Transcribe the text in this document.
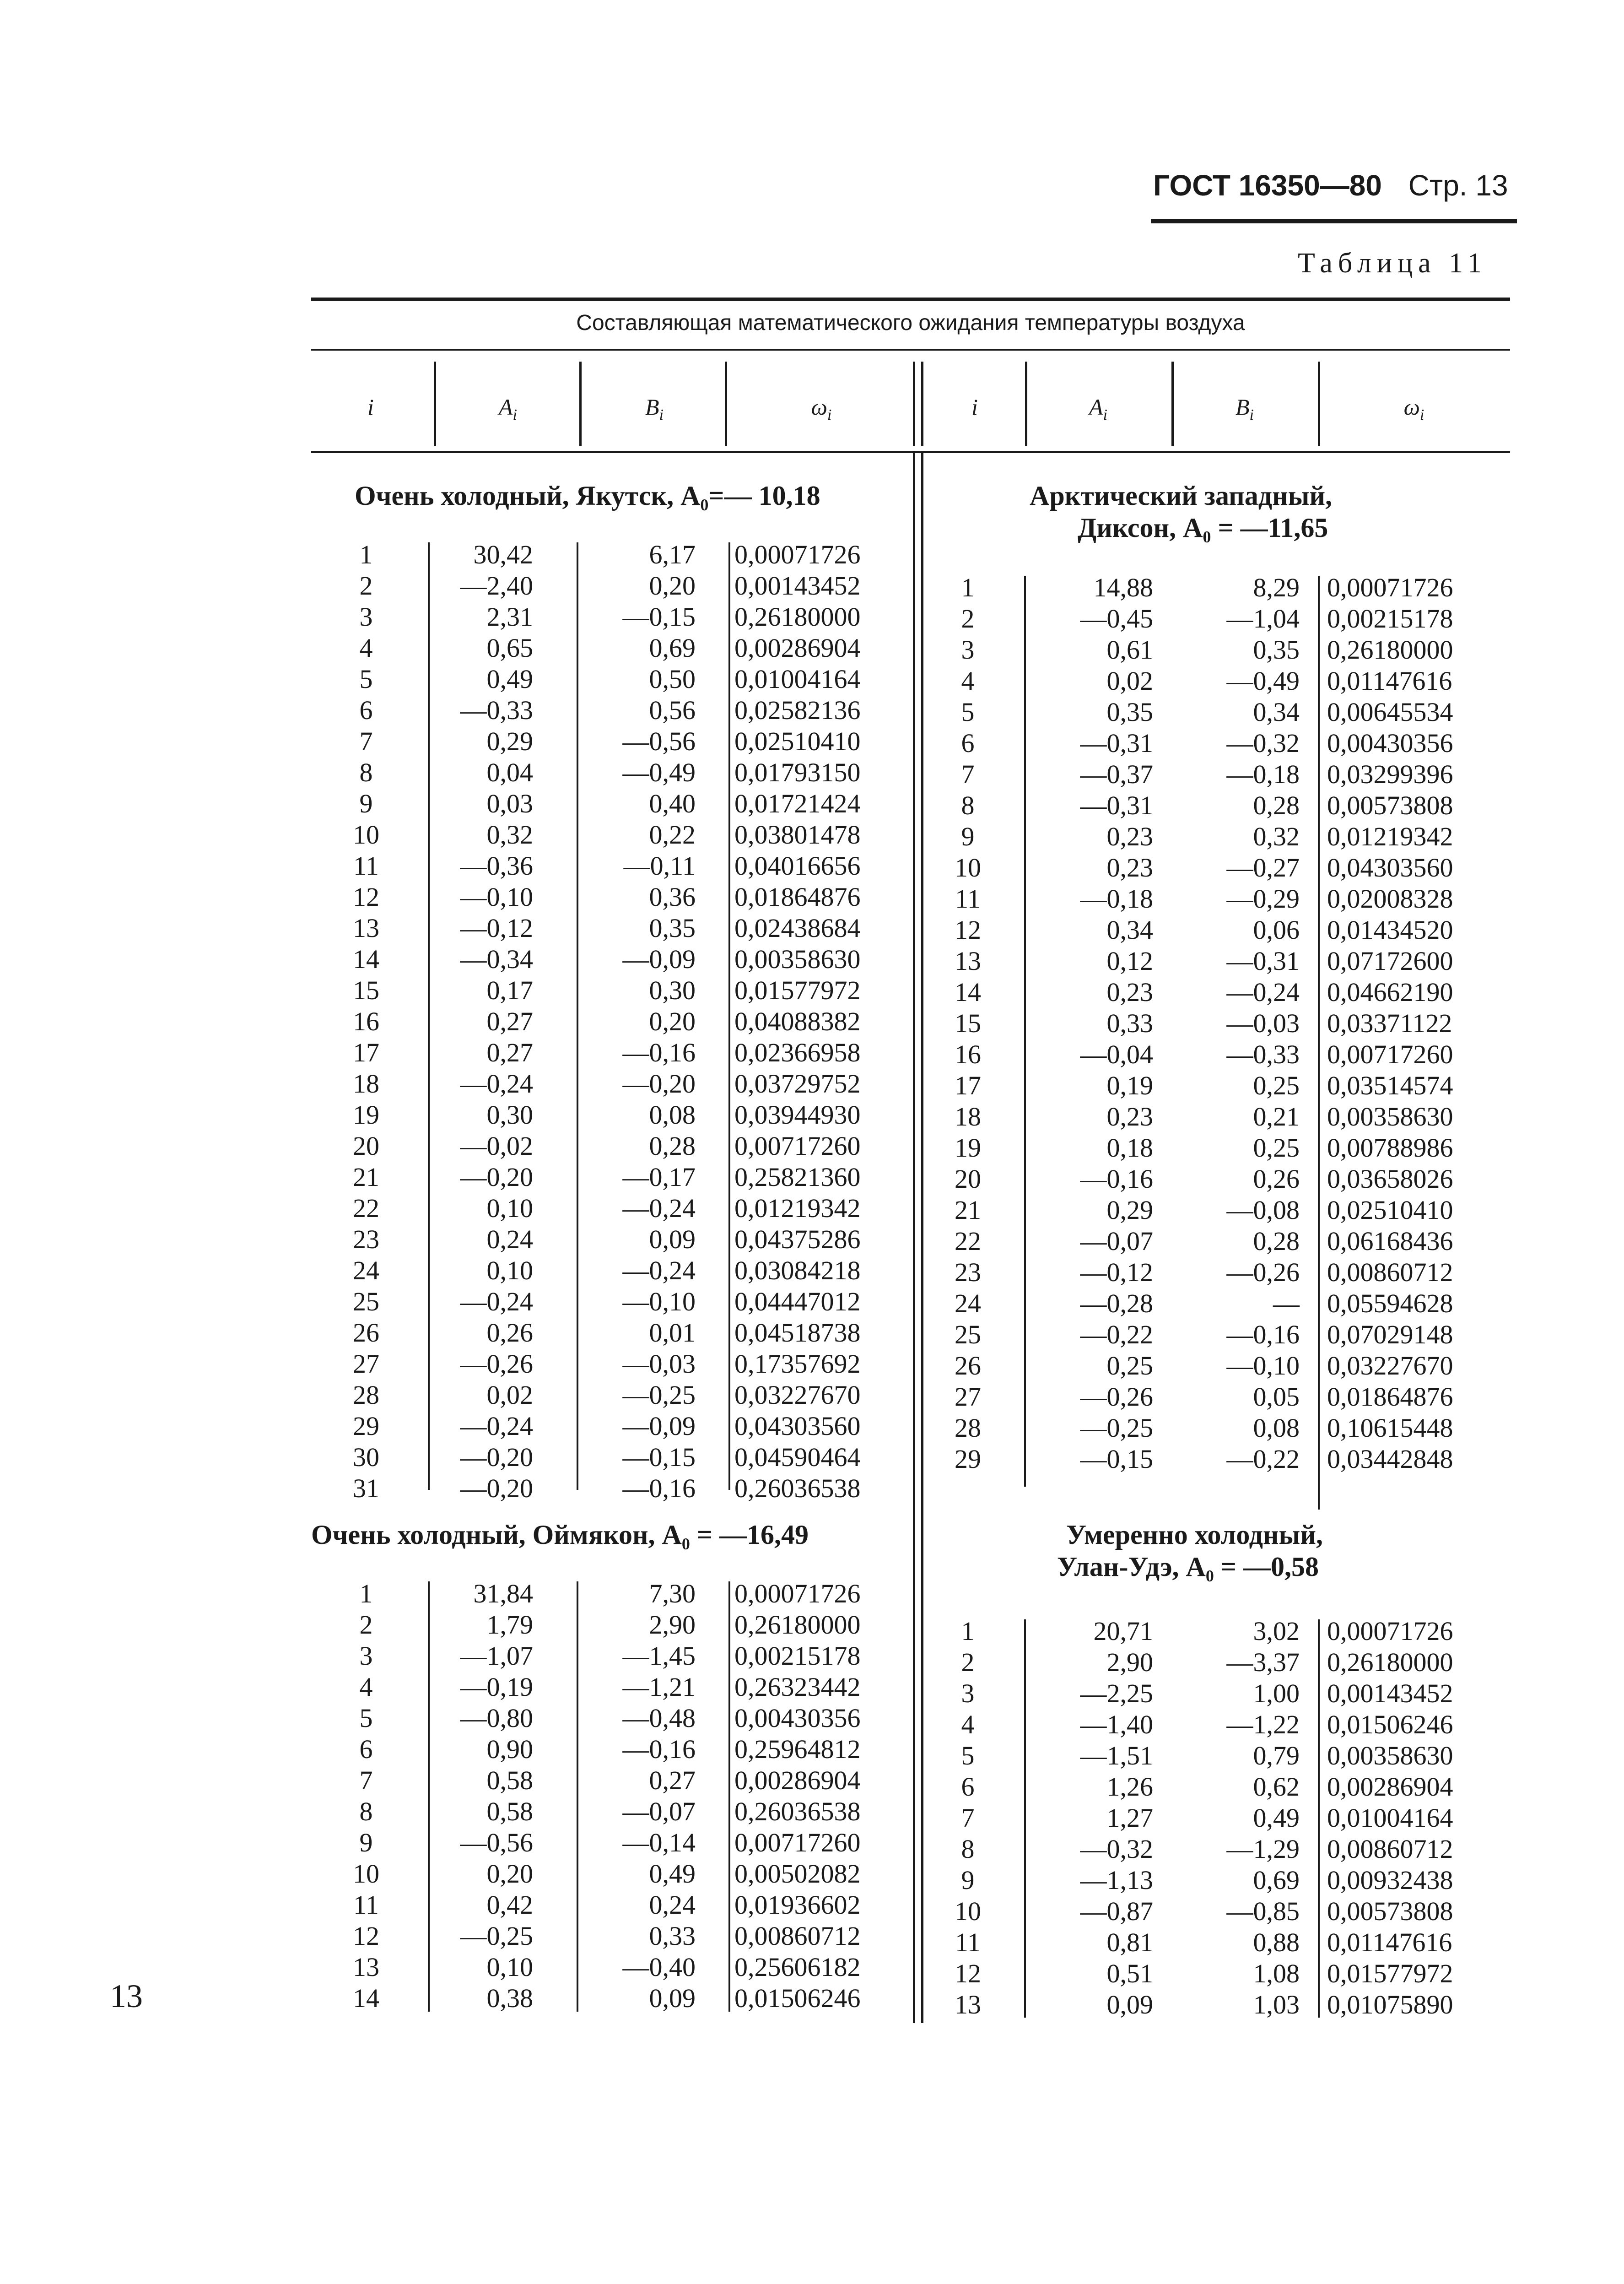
ГОСТ 16350—80 Стр. 13
Таблица 11
Составляющая математического ожидания температуры воздуха
i	$A_i$	$B_i$	$\omega_i$	i	$A_i$	$B_i$	$\omega_i$
Очень холодный, Якутск, А₀=— 10,18	Арктический западный,
Диксон, А₀ = —11,65
Очень холодный, Оймякон, А₀ = —16,49	Умеренно холодный,
Улан-Удэ, А₀ = —0,58
1	30,42	6,17 0,00071726
2	—2,40	0,20 0,00143452
3	2,31	—0,15 0,26180000
4	0,65	0,69 0,00286904
5	0,49	0,50 0,01004164
6	—0,33	0,56 0,02582136
7	0,29	—0,56 0,02510410
8	0,04	—0,49 0,01793150
9	0,03	0,40 0,01721424
10	0,32	0,22 0,03801478
11	—0,36	—0,11 0,04016656
12	—0,10	0,36 0,01864876
13	—0,12	0,35 0,02438684
14	—0,34	—0,09 0,00358630
15	0,17	0,30 0,01577972
16	0,27	0,20 0,04088382
17	0,27	—0,16 0,02366958
18	—0,24	—0,20 0,03729752
19	0,30	0,08 0,03944930
20	—0,02	0,28 0,00717260
21	—0,20	—0,17 0,25821360
22	0,10	—0,24 0,01219342
23	0,24	0,09 0,04375286
24	0,10	—0,24 0,03084218
25	—0,24	—0,10 0,04447012
26	0,26	0,01 0,04518738
27	—0,26	—0,03 0,17357692
28	0,02	—0,25 0,03227670
29	—0,24	—0,09 0,04303560
30	—0,20	—0,15 0,04590464
31	—0,20	—0,16 0,26036538
1	14,88	8,29 0,00071726
2	—0,45	—1,04 0,00215178
3	0,61	0,35 0,26180000
4	0,02	—0,49 0,01147616
5	0,35	0,34 0,00645534
6	—0,31	—0,32 0,00430356
7	—0,37	—0,18 0,03299396
8	—0,31	0,28 0,00573808
9	0,23	0,32 0,01219342
10	0,23	—0,27 0,04303560
11	—0,18	—0,29 0,02008328
12	0,34	0,06 0,01434520
13	0,12	—0,31 0,07172600
14	0,23	—0,24 0,04662190
15	0,33	—0,03 0,03371122
16	—0,04	—0,33 0,00717260
17	0,19	0,25 0,03514574
18	0,23	0,21 0,00358630
19	0,18	0,25 0,00788986
20	—0,16	0,26 0,03658026
21	0,29	—0,08 0,02510410
22	—0,07	0,28 0,06168436
23	—0,12	—0,26 0,00860712
24	—0,28	— 0,05594628
25	—0,22	—0,16 0,07029148
26	0,25	—0,10 0,03227670
27	—0,26	0,05 0,01864876
28	—0,25	0,08 0,10615448
29	—0,15	—0,22 0,03442848
1	31,84	7,30 0,00071726
2	1,79	2,90 0,26180000
3	—1,07	—1,45 0,00215178
4	—0,19	—1,21 0,26323442
5	—0,80	—0,48 0,00430356
6	0,90	—0,16 0,25964812
7	0,58	0,27 0,00286904
8	0,58	—0,07 0,26036538
9	—0,56	—0,14 0,00717260
10	0,20	0,49 0,00502082
11	0,42	0,24 0,01936602
12	—0,25	0,33 0,00860712
13	0,10	—0,40 0,25606182
14	0,38	0,09 0,01506246
1	20,71	3,02 0,00071726
2	2,90	—3,37 0,26180000
3	—2,25	1,00 0,00143452
4	—1,40	—1,22 0,01506246
5	—1,51	0,79 0,00358630
6	1,26	0,62 0,00286904
7	1,27	0,49 0,01004164
8	—0,32	—1,29 0,00860712
9	—1,13	0,69 0,00932438
10	—0,87	—0,85 0,00573808
11	0,81	0,88 0,01147616
12	0,51	1,08 0,01577972
13	0,09	1,03 0,01075890
13
